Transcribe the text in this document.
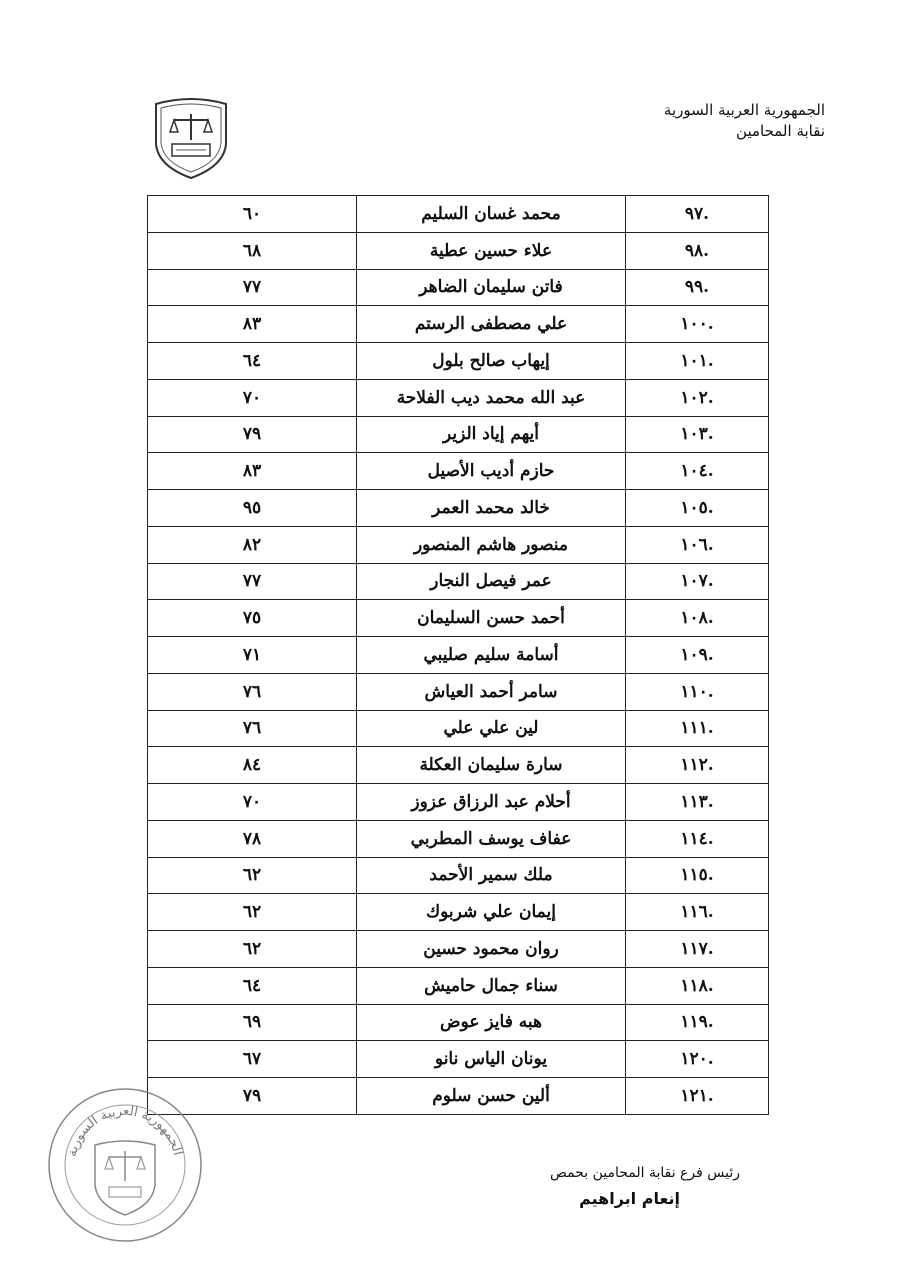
الجمهورية العربية السورية
نقابة المحامين
.٩٧	محمد غسان السليم	٦٠
.٩٨	علاء حسين عطية	٦٨
.٩٩	فاتن سليمان الضاهر	٧٧
.١٠٠	علي مصطفى الرستم	٨٣
.١٠١	إيهاب صالح بلول	٦٤
.١٠٢	عبد الله محمد ديب الفلاحة	٧٠
.١٠٣	أيهم إياد الزير	٧٩
.١٠٤	حازم أديب الأصيل	٨٣
.١٠٥	خالد محمد العمر	٩٥
.١٠٦	منصور هاشم المنصور	٨٢
.١٠٧	عمر فيصل النجار	٧٧
.١٠٨	أحمد حسن السليمان	٧٥
.١٠٩	أسامة سليم صليبي	٧١
.١١٠	سامر أحمد العياش	٧٦
.١١١	لين علي علي	٧٦
.١١٢	سارة سليمان العكلة	٨٤
.١١٣	أحلام عبد الرزاق عزوز	٧٠
.١١٤	عفاف يوسف المطربي	٧٨
.١١٥	ملك سمير الأحمد	٦٢
.١١٦	إيمان علي شربوك	٦٢
.١١٧	روان محمود حسين	٦٢
.١١٨	سناء جمال حاميش	٦٤
.١١٩	هبه فايز عوض	٦٩
.١٢٠	يونان الياس نانو	٦٧
.١٢١	ألين حسن سلوم	٧٩
الجمهورية العربية السورية
رئيس فرع نقابة المحامين بحمص
إنعام ابراهيم
